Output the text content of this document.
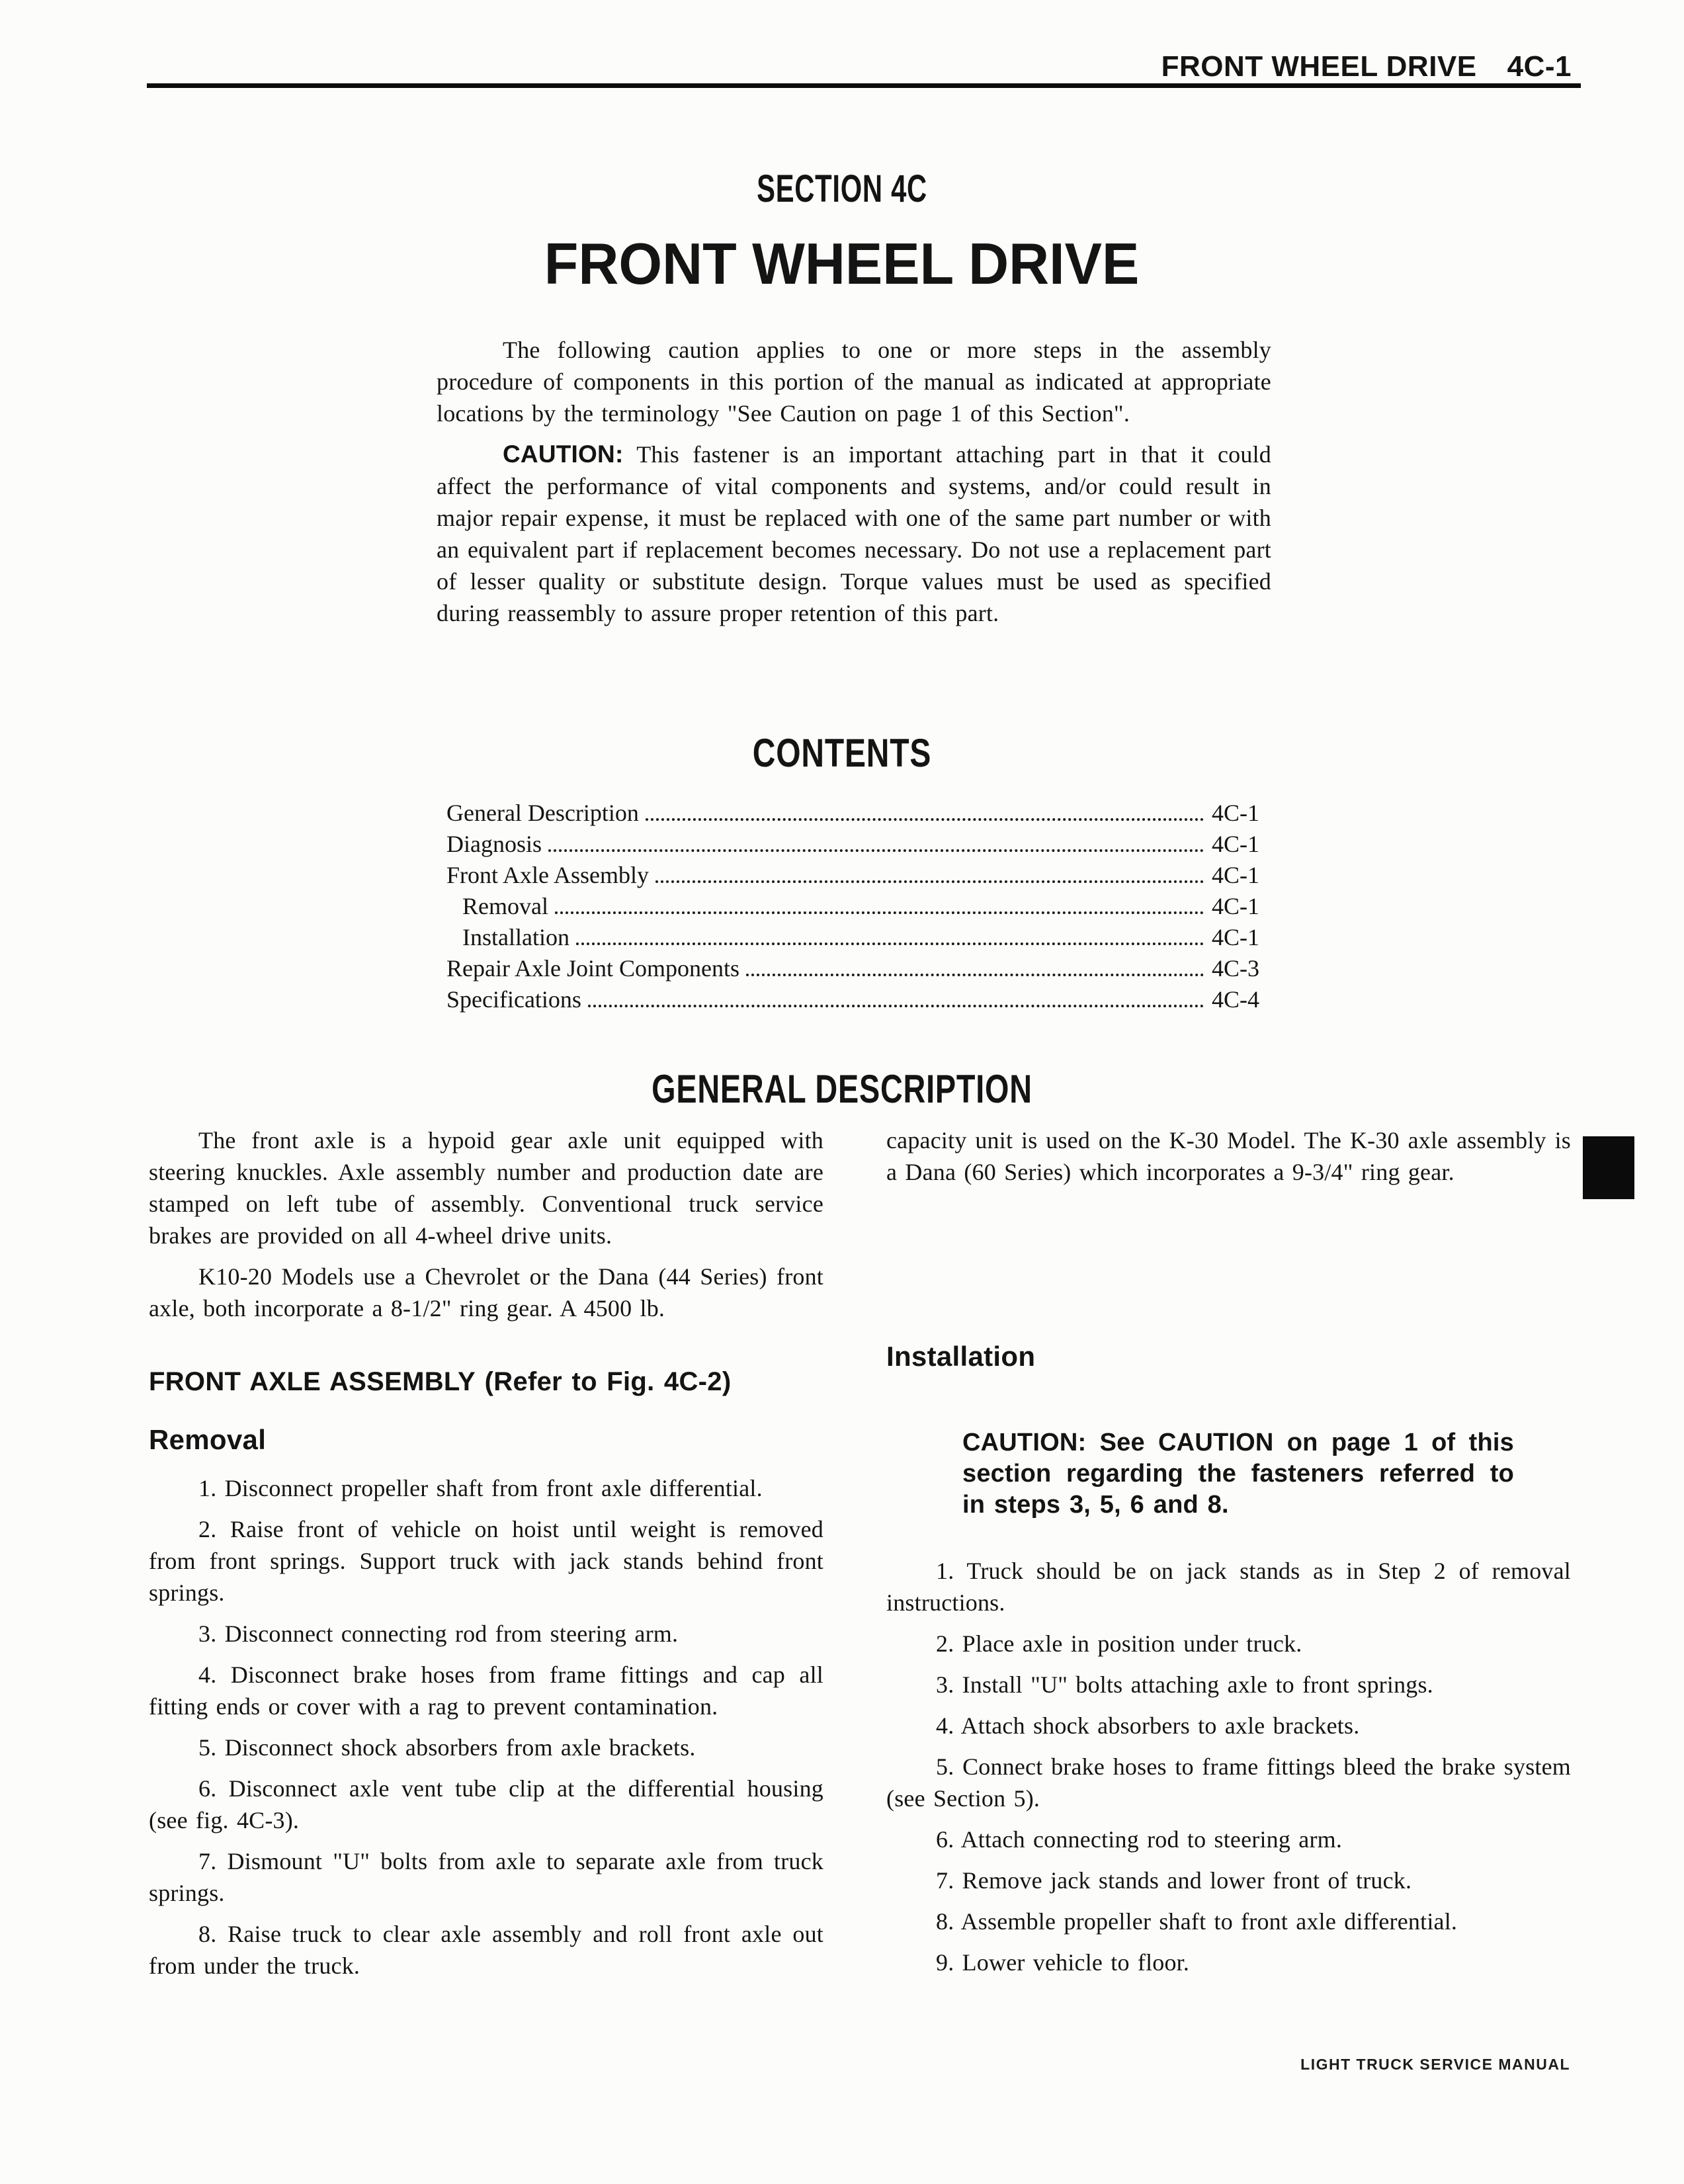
FRONT WHEEL DRIVE 4C-1
SECTION 4C
FRONT WHEEL DRIVE

The following caution applies to one or more steps in the assembly procedure of components in this portion of the manual as indicated at appropriate locations by the terminology "See Caution on page 1 of this Section".

CAUTION: This fastener is an important attaching part in that it could affect the performance of vital components and systems, and/or could result in major repair expense, it must be replaced with one of the same part number or with an equivalent part if replacement becomes necessary. Do not use a replacement part of lesser quality or substitute design. Torque values must be used as specified during reassembly to assure proper retention of this part.

CONTENTS
General Description	4C-1
Diagnosis	4C-1
Front Axle Assembly	4C-1
Removal	4C-1
Installation	4C-1
Repair Axle Joint Components	4C-3
Specifications	4C-4
GENERAL DESCRIPTION

The front axle is a hypoid gear axle unit equipped with steering knuckles. Axle assembly number and production date are stamped on left tube of assembly. Conventional truck service brakes are provided on all 4-wheel drive units.

K10-20 Models use a Chevrolet or the Dana (44 Series) front axle, both incorporate a 8-1/2" ring gear. A 4500 lb.

FRONT AXLE ASSEMBLY (Refer to Fig. 4C-2)
Removal

1. Disconnect propeller shaft from front axle differential.

2. Raise front of vehicle on hoist until weight is removed from front springs. Support truck with jack stands behind front springs.

3. Disconnect connecting rod from steering arm.

4. Disconnect brake hoses from frame fittings and cap all fitting ends or cover with a rag to prevent contamination.

5. Disconnect shock absorbers from axle brackets.

6. Disconnect axle vent tube clip at the differential housing (see fig. 4C-3).

7. Dismount "U" bolts from axle to separate axle from truck springs.

8. Raise truck to clear axle assembly and roll front axle out from under the truck.

capacity unit is used on the K-30 Model. The K-30 axle assembly is a Dana (60 Series) which incorporates a 9-3/4" ring gear.

Installation
CAUTION: See CAUTION on page 1 of this section regarding the fasteners referred to in steps 3, 5, 6 and 8.

1. Truck should be on jack stands as in Step 2 of removal instructions.

2. Place axle in position under truck.

3. Install "U" bolts attaching axle to front springs.

4. Attach shock absorbers to axle brackets.

5. Connect brake hoses to frame fittings bleed the brake system (see Section 5).

6. Attach connecting rod to steering arm.

7. Remove jack stands and lower front of truck.

8. Assemble propeller shaft to front axle differential.

9. Lower vehicle to floor.

LIGHT TRUCK SERVICE MANUAL
